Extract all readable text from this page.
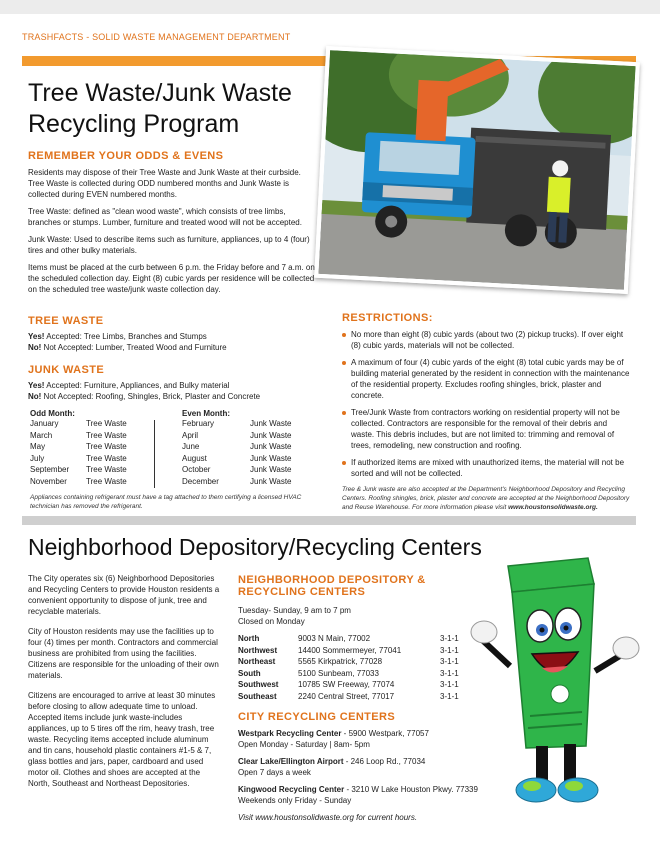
TRASHFACTS - SOLID WASTE MANAGEMENT DEPARTMENT
Tree Waste/Junk Waste
Recycling Program
REMEMBER YOUR ODDS & EVENS
Residents may dispose of their Tree Waste and Junk Waste at their curbside. Tree Waste is collected during ODD numbered months and Junk Waste is collected during EVEN numbered months.
Tree Waste: defined as "clean wood waste", which consists of tree limbs, branches or stumps. Lumber, furniture and treated wood will not be accepted.
Junk Waste: Used to describe items such as furniture, appliances, up to 4 (four) tires and other bulky materials.
Items must be placed at the curb between 6 p.m. the Friday before and 7 a.m. on the scheduled collection day. Eight (8) cubic yards per residence will be collected on the scheduled tree waste/junk waste collection day.
TREE WASTE
Yes! Accepted: Tree Limbs, Branches and Stumps
No! Not Accepted: Lumber, Treated Wood and Furniture
JUNK WASTE
Yes! Accepted: Furniture, Appliances, and Bulky material
No! Not Accepted: Roofing, Shingles, Brick, Plaster and Concrete
Odd Month:
January	Tree Waste
March	Tree Waste
May	Tree Waste
July	Tree Waste
September	Tree Waste
November	Tree Waste
Even Month:
February	Junk Waste
April	Junk Waste
June	Junk Waste
August	Junk Waste
October	Junk Waste
December	Junk Waste
Appliances containing refrigerant must have a tag attached to them certifying a licensed HVAC technician has removed the refrigerant.
RESTRICTIONS:
No more than eight (8) cubic yards (about two (2) pickup trucks). If over eight (8) cubic yards, materials will not be collected.
A maximum of four (4) cubic yards of the eight (8) total cubic yards may be of building material generated by the resident in connection with the maintenance of the residential property. Excludes roofing shingles, brick, plaster and concrete.
Tree/Junk Waste from contractors working on residential property will not be collected. Contractors are responsible for the removal of their debris and waste. This debris includes, but are not limited to: trimming and removal of trees, remodeling, new construction and roofing.
If authorized items are mixed with unauthorized items, the material will not be sorted and will not be collected.
Tree & Junk waste are also accepted at the Department's Neighborhood Depository and Recycling Centers. Roofing shingles, brick, plaster and concrete are accepted at the Neighborhood Depository and Reuse Warehouse. For more information please visit www.houstonsolidwaste.org.
Neighborhood Depository/Recycling Centers
The City operates six (6) Neighborhood Depositories and Recycling Centers to provide Houston residents a convenient opportunity to dispose of junk, tree and recyclable materials.
City of Houston residents may use the facilities up to four (4) times per month. Contractors and commercial business are prohibited from using the facilities. Citizens are responsible for the unloading of their own materials.
Citizens are encouraged to arrive at least 30 minutes before closing to allow adequate time to unload. Accepted items include junk waste-includes appliances, up to 5 tires off the rim, heavy trash, tree waste. Recycling items accepted include aluminum and tin cans, household plastic containers #1-5 & 7, glass bottles and jars, paper, cardboard and used motor oil. Clothes and shoes are accepted at the North, Southeast and Northeast Depositories.
NEIGHBORHOOD DEPOSITORY &
RECYCLING CENTERS
Tuesday- Sunday, 9 am to 7 pm
Closed on Monday
North	9003 N Main, 77002	3-1-1
Northwest	14400 Sommermeyer, 77041	3-1-1
Northeast	5565 Kirkpatrick, 77028	3-1-1
South	5100 Sunbeam, 77033	3-1-1
Southwest	10785 SW Freeway, 77074	3-1-1
Southeast	2240 Central Street, 77017	3-1-1
CITY RECYCLING CENTERS
Westpark Recycling Center - 5900 Westpark, 77057
Open Monday - Saturday | 8am- 5pm
Clear Lake/Ellington Airport - 246 Loop Rd., 77034
Open 7 days a week
Kingwood Recycling Center - 3210 W Lake Houston Pkwy. 77339
Weekends only Friday - Sunday
Visit www.houstonsolidwaste.org for current hours.
